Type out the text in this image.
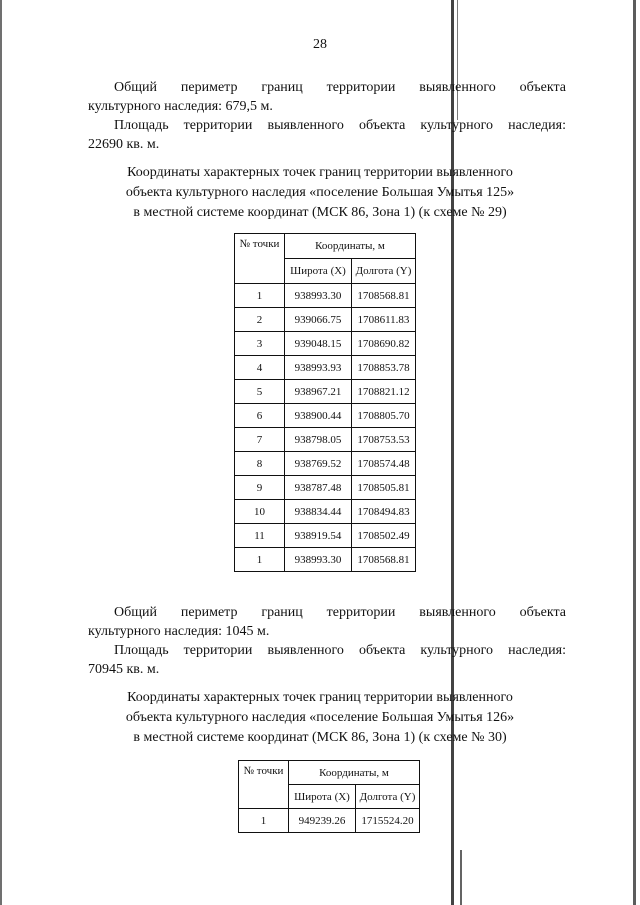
28

Общий периметр границ территории выявленного объекта

культурного наследия: 679,5 м.

Площадь территории выявленного объекта культурного наследия:

22690 кв. м.

Координаты характерных точек границ территории выявленного
объекта культурного наследия «поселение Большая Умытья 125»
в местной системе координат (МСК 86, Зона 1) (к схеме № 29)
№ точки	Координаты, м	
	Широта (X)	Долгота (Y)
1	938993.30	1708568.81
2	939066.75	1708611.83
3	939048.15	1708690.82
4	938993.93	1708853.78
5	938967.21	1708821.12
6	938900.44	1708805.70
7	938798.05	1708753.53
8	938769.52	1708574.48
9	938787.48	1708505.81
10	938834.44	1708494.83
11	938919.54	1708502.49
1	938993.30	1708568.81

Общий периметр границ территории выявленного объекта

культурного наследия: 1045 м.

Площадь территории выявленного объекта культурного наследия:

70945 кв. м.

Координаты характерных точек границ территории выявленного
объекта культурного наследия «поселение Большая Умытья 126»
в местной системе координат (МСК 86, Зона 1) (к схеме № 30)
№ точки	Координаты, м	
	Широта (X)	Долгота (Y)
1	949239.26	1715524.20
